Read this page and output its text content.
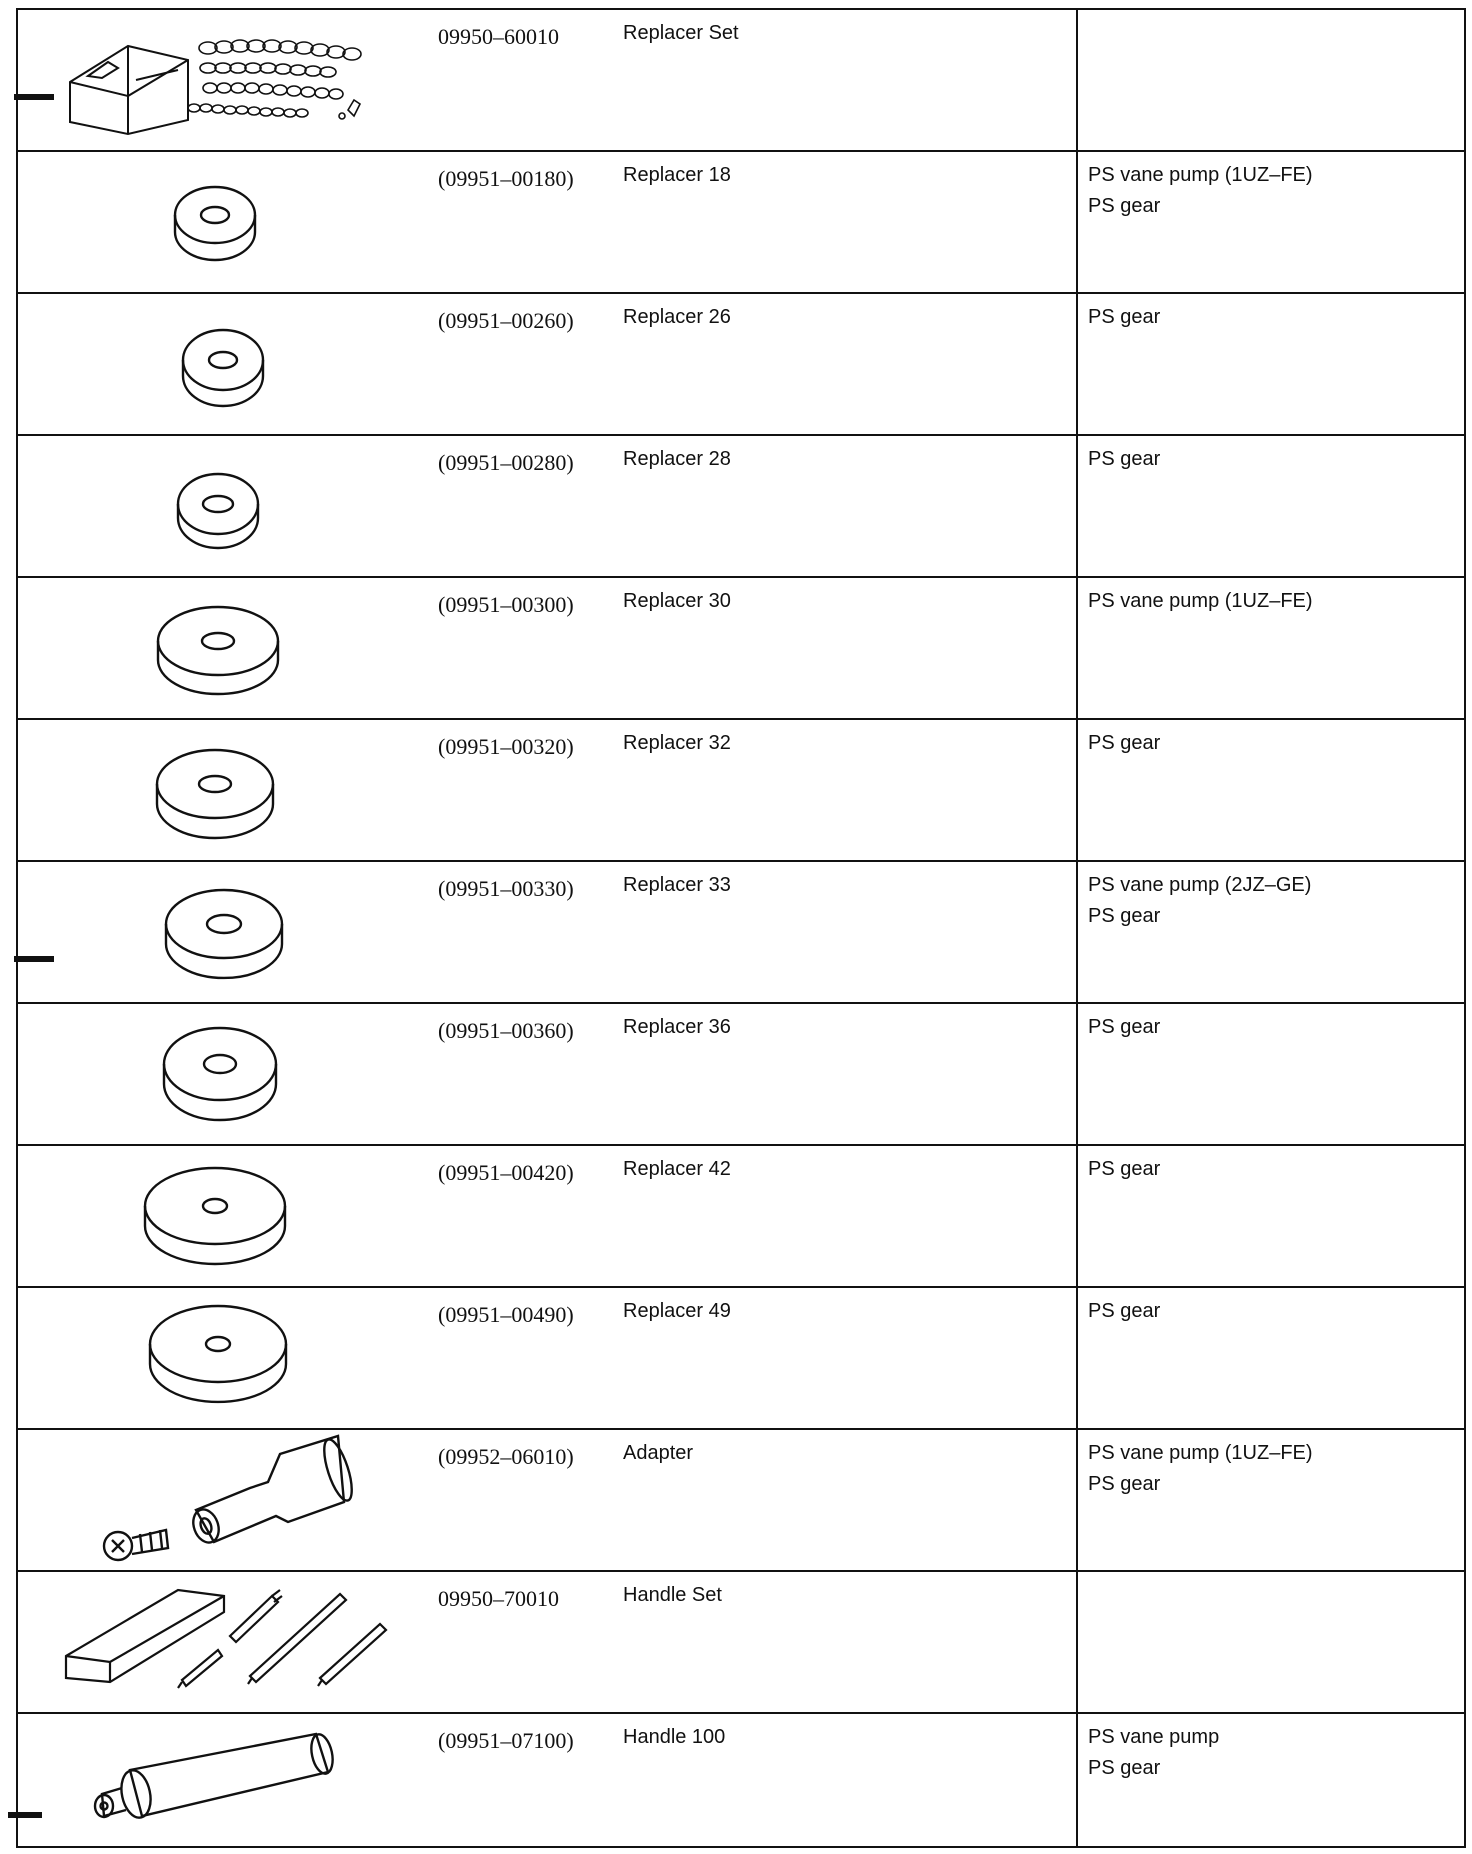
09950–60010	Replacer Set
(09951–00180)	Replacer 18	PS vane pump (1UZ–FE)
PS gear
(09951–00260)	Replacer 26	PS gear
(09951–00280)	Replacer 28	PS gear
(09951–00300)	Replacer 30	PS vane pump (1UZ–FE)
(09951–00320)	Replacer 32	PS gear
(09951–00330)	Replacer 33	PS vane pump (2JZ–GE)
PS gear
(09951–00360)	Replacer 36	PS gear
(09951–00420)	Replacer 42	PS gear
(09951–00490)	Replacer 49	PS gear
(09952–06010)	Adapter	PS vane pump (1UZ–FE)
PS gear
09950–70010	Handle Set
(09951–07100)	Handle 100	PS vane pump
PS gear
